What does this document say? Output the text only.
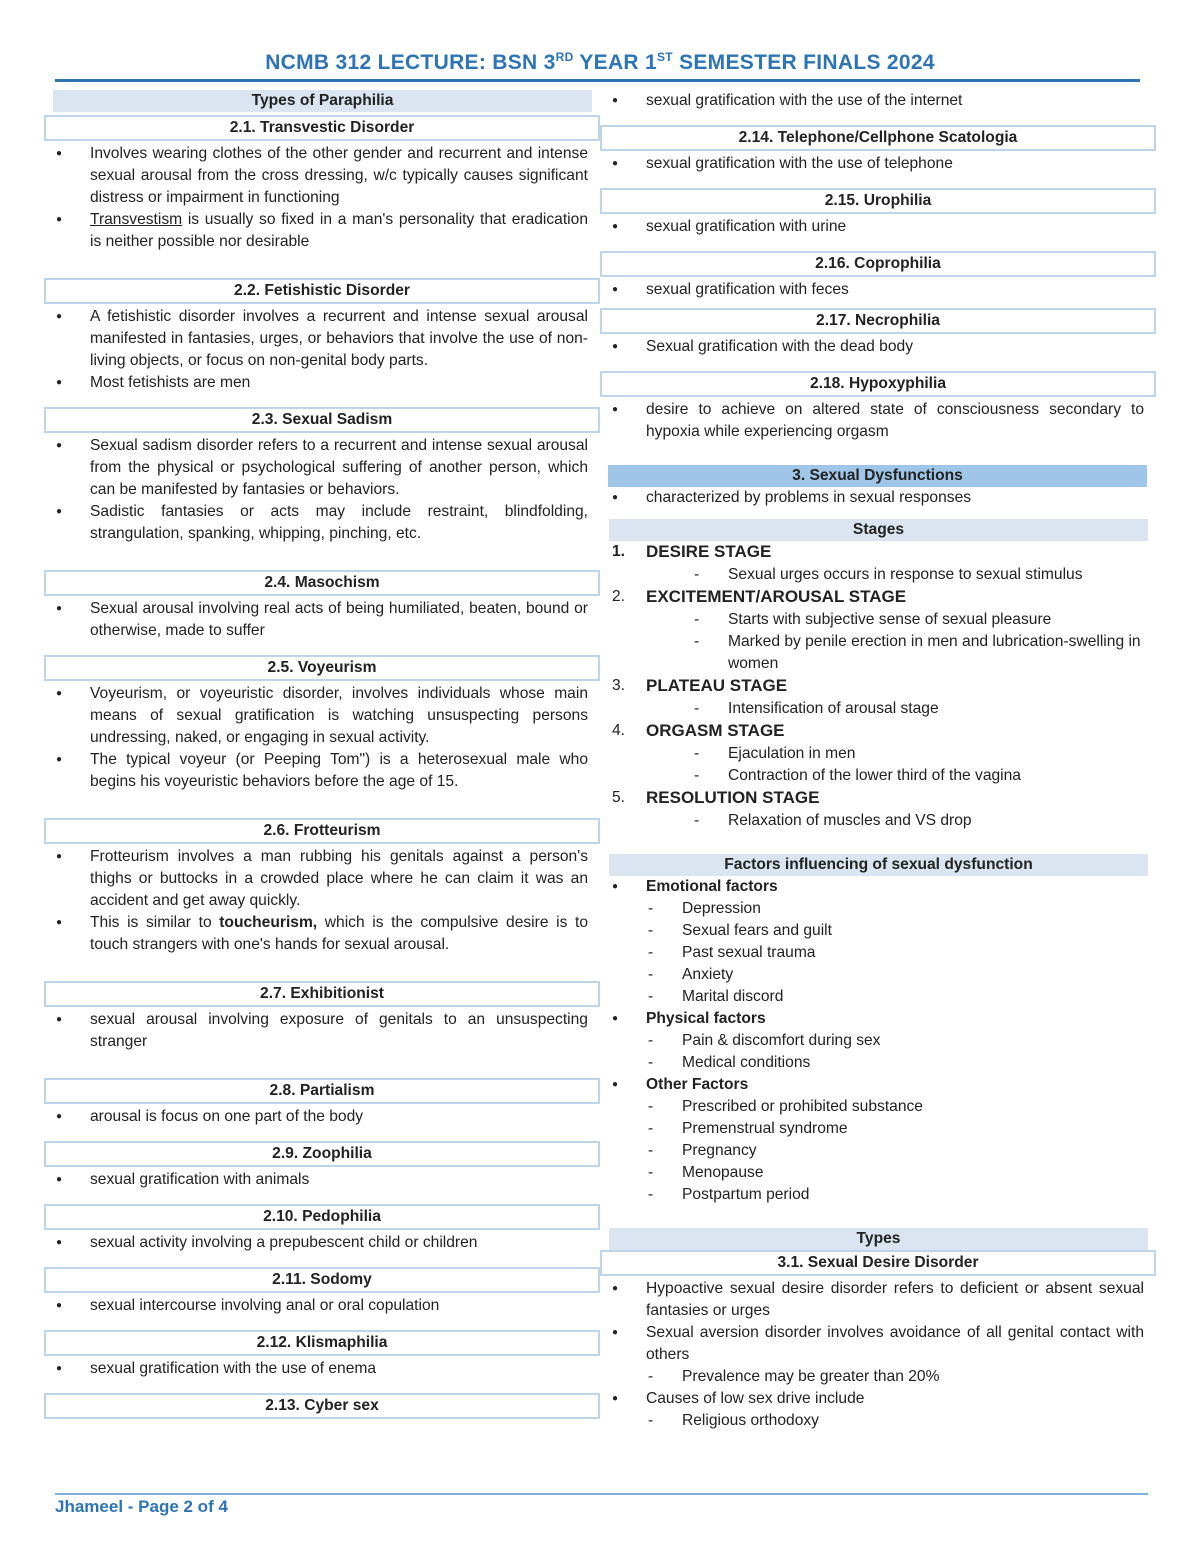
NCMB 312 LECTURE: BSN 3RD YEAR 1ST SEMESTER FINALS 2024
Types of Paraphilia
2.1. Transvestic Disorder
● Involves wearing clothes of the other gender and recurrent and intense sexual arousal from the cross dressing, w/c typically causes significant distress or impairment in functioning
● Transvestism is usually so fixed in a man's personality that eradication is neither possible nor desirable
2.2. Fetishistic Disorder
● A fetishistic disorder involves a recurrent and intense sexual arousal manifested in fantasies, urges, or behaviors that involve the use of non-living objects, or focus on non-genital body parts.
● Most fetishists are men
2.3. Sexual Sadism
● Sexual sadism disorder refers to a recurrent and intense sexual arousal from the physical or psychological suffering of another person, which can be manifested by fantasies or behaviors.
● Sadistic fantasies or acts may include restraint, blindfolding, strangulation, spanking, whipping, pinching, etc.
2.4. Masochism
● Sexual arousal involving real acts of being humiliated, beaten, bound or otherwise, made to suffer
2.5. Voyeurism
● Voyeurism, or voyeuristic disorder, involves individuals whose main means of sexual gratification is watching unsuspecting persons undressing, naked, or engaging in sexual activity.
● The typical voyeur (or Peeping Tom") is a heterosexual male who begins his voyeuristic behaviors before the age of 15.
2.6. Frotteurism
● Frotteurism involves a man rubbing his genitals against a person's thighs or buttocks in a crowded place where he can claim it was an accident and get away quickly.
● This is similar to toucheurism, which is the compulsive desire is to touch strangers with one's hands for sexual arousal.
2.7. Exhibitionist
● sexual arousal involving exposure of genitals to an unsuspecting stranger
2.8. Partialism
● arousal is focus on one part of the body
2.9. Zoophilia
● sexual gratification with animals
2.10. Pedophilia
● sexual activity involving a prepubescent child or children
2.11. Sodomy
● sexual intercourse involving anal or oral copulation
2.12. Klismaphilia
● sexual gratification with the use of enema
2.13. Cyber sex
● sexual gratification with the use of the internet
2.14. Telephone/Cellphone Scatologia
● sexual gratification with the use of telephone
2.15. Urophilia
● sexual gratification with urine
2.16. Coprophilia
● sexual gratification with feces
2.17. Necrophilia
● Sexual gratification with the dead body
2.18. Hypoxyphilia
● desire to achieve on altered state of consciousness secondary to hypoxia while experiencing orgasm
3. Sexual Dysfunctions
● characterized by problems in sexual responses
Stages
1. DESIRE STAGE
- Sexual urges occurs in response to sexual stimulus
2. EXCITEMENT/AROUSAL STAGE
- Starts with subjective sense of sexual pleasure
- Marked by penile erection in men and lubrication-swelling in women
3. PLATEAU STAGE
- Intensification of arousal stage
4. ORGASM STAGE
- Ejaculation in men
- Contraction of the lower third of the vagina
5. RESOLUTION STAGE
- Relaxation of muscles and VS drop
Factors influencing of sexual dysfunction
● Emotional factors
- Depression
- Sexual fears and guilt
- Past sexual trauma
- Anxiety
- Marital discord
● Physical factors
- Pain & discomfort during sex
- Medical conditions
● Other Factors
- Prescribed or prohibited substance
- Premenstrual syndrome
- Pregnancy
- Menopause
- Postpartum period
Types
3.1. Sexual Desire Disorder
● Hypoactive sexual desire disorder refers to deficient or absent sexual fantasies or urges
● Sexual aversion disorder involves avoidance of all genital contact with others
- Prevalence may be greater than 20%
● Causes of low sex drive include
- Religious orthodoxy
Jhameel - Page 2 of 4
